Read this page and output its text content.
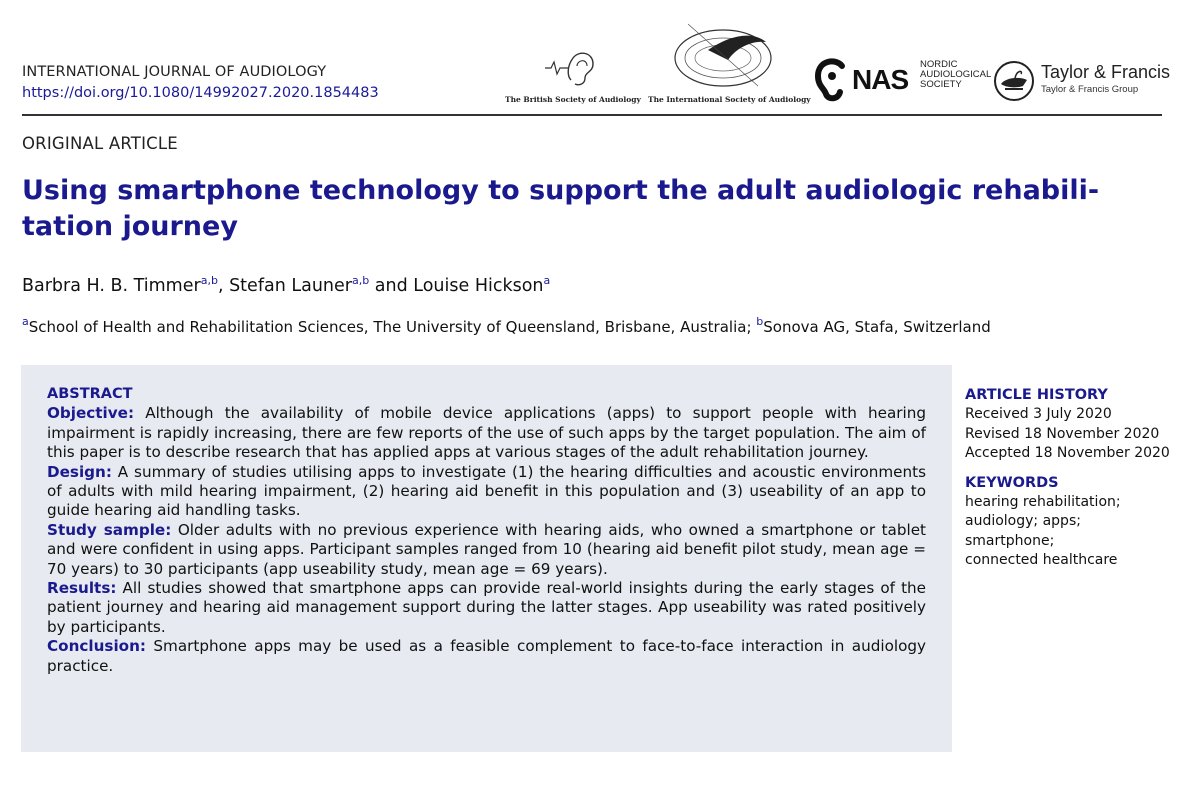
INTERNATIONAL JOURNAL OF AUDIOLOGY
https://doi.org/10.1080/14992027.2020.1854483	The British Society of Audiology The International Society of Audiology
NAS NORDIC
AUDIOLOGICAL
SOCIETY
Taylor & Francis
Taylor & Francis Group
ORIGINAL ARTICLE
Using smartphone technology to support the adult audiologic rehabilitation journey
Barbra H. B. Timmer$^{a,b}$, Stefan Launer$^{a,b}$ and Louise Hickson$^a$
$^a$School of Health and Rehabilitation Sciences, The University of Queensland, Brisbane, Australia; $^b$Sonova AG, Stafa, Switzerland
ABSTRACT
Objective: Although the availability of mobile device applications (apps) to support people with hearing impairment is rapidly increasing, there are few reports of the use of such apps by the target population. The aim of this paper is to describe research that has applied apps at various stages of the adult rehabilitation journey.
Design: A summary of studies utilising apps to investigate (1) the hearing difficulties and acoustic environments of adults with mild hearing impairment, (2) hearing aid benefit in this population and (3) useability of an app to guide hearing aid handling tasks.
Study sample: Older adults with no previous experience with hearing aids, who owned a smartphone or tablet and were confident in using apps. Participant samples ranged from 10 (hearing aid benefit pilot study, mean age = 70 years) to 30 participants (app useability study, mean age = 69 years).
Results: All studies showed that smartphone apps can provide real-world insights during the early stages of the patient journey and hearing aid management support during the latter stages. App useability was rated positively by participants.
Conclusion: Smartphone apps may be used as a feasible complement to face-to-face interaction in audiology practice.
ARTICLE HISTORY
Received 3 July 2020
Revised 18 November 2020
Accepted 18 November 2020
KEYWORDS
hearing rehabilitation;
audiology; apps;
smartphone;
connected healthcare
